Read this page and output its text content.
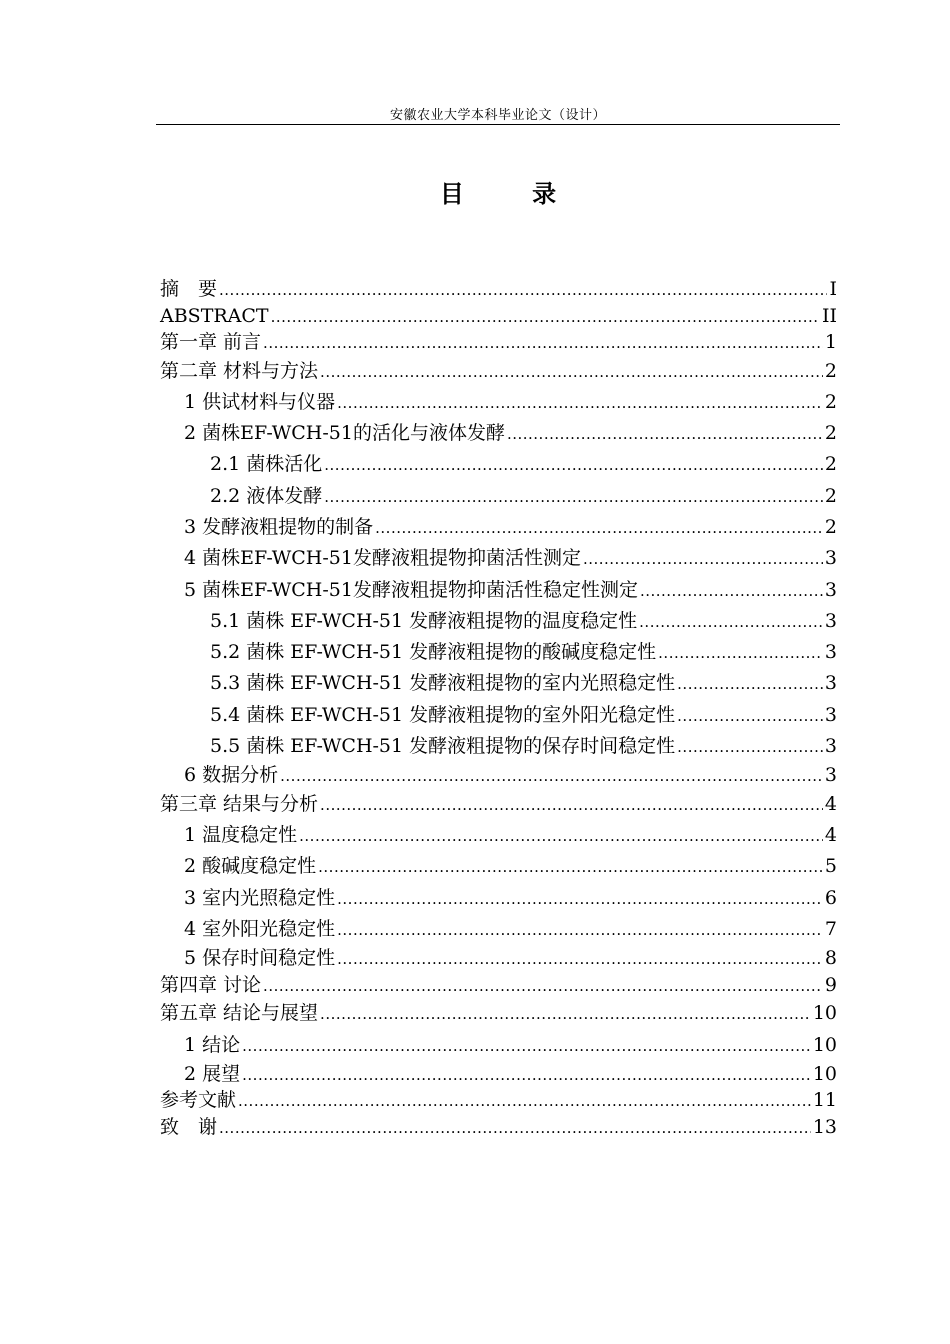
安徽农业大学本科毕业论文（设计）
目 录
摘　要 .....	I
ABSTRACT .....	II
第一章 前言 .....	1
第二章 材料与方法 .....	2
1 供试材料与仪器 .....	2
2 菌株EF-WCH-51的活化与液体发酵 .....	2
2.1 菌株活化 .....	2
2.2 液体发酵 .....	2
3 发酵液粗提物的制备 .....	2
4 菌株EF-WCH-51发酵液粗提物抑菌活性测定 .....	3
5 菌株EF-WCH-51发酵液粗提物抑菌活性稳定性测定 .....	3
5.1 菌株 EF-WCH-51 发酵液粗提物的温度稳定性 .....	3
5.2 菌株 EF-WCH-51 发酵液粗提物的酸碱度稳定性 .....	3
5.3 菌株 EF-WCH-51 发酵液粗提物的室内光照稳定性 .....	3
5.4 菌株 EF-WCH-51 发酵液粗提物的室外阳光稳定性 .....	3
5.5 菌株 EF-WCH-51 发酵液粗提物的保存时间稳定性 .....	3
6 数据分析 .....	3
第三章 结果与分析 .....	4
1 温度稳定性 .....	4
2 酸碱度稳定性 .....	5
3 室内光照稳定性 .....	6
4 室外阳光稳定性 .....	7
5 保存时间稳定性 .....	8
第四章 讨论 .....	9
第五章 结论与展望 .....	10
1 结论 .....	10
2 展望 .....	10
参考文献 .....	11
致　谢 .....	13
